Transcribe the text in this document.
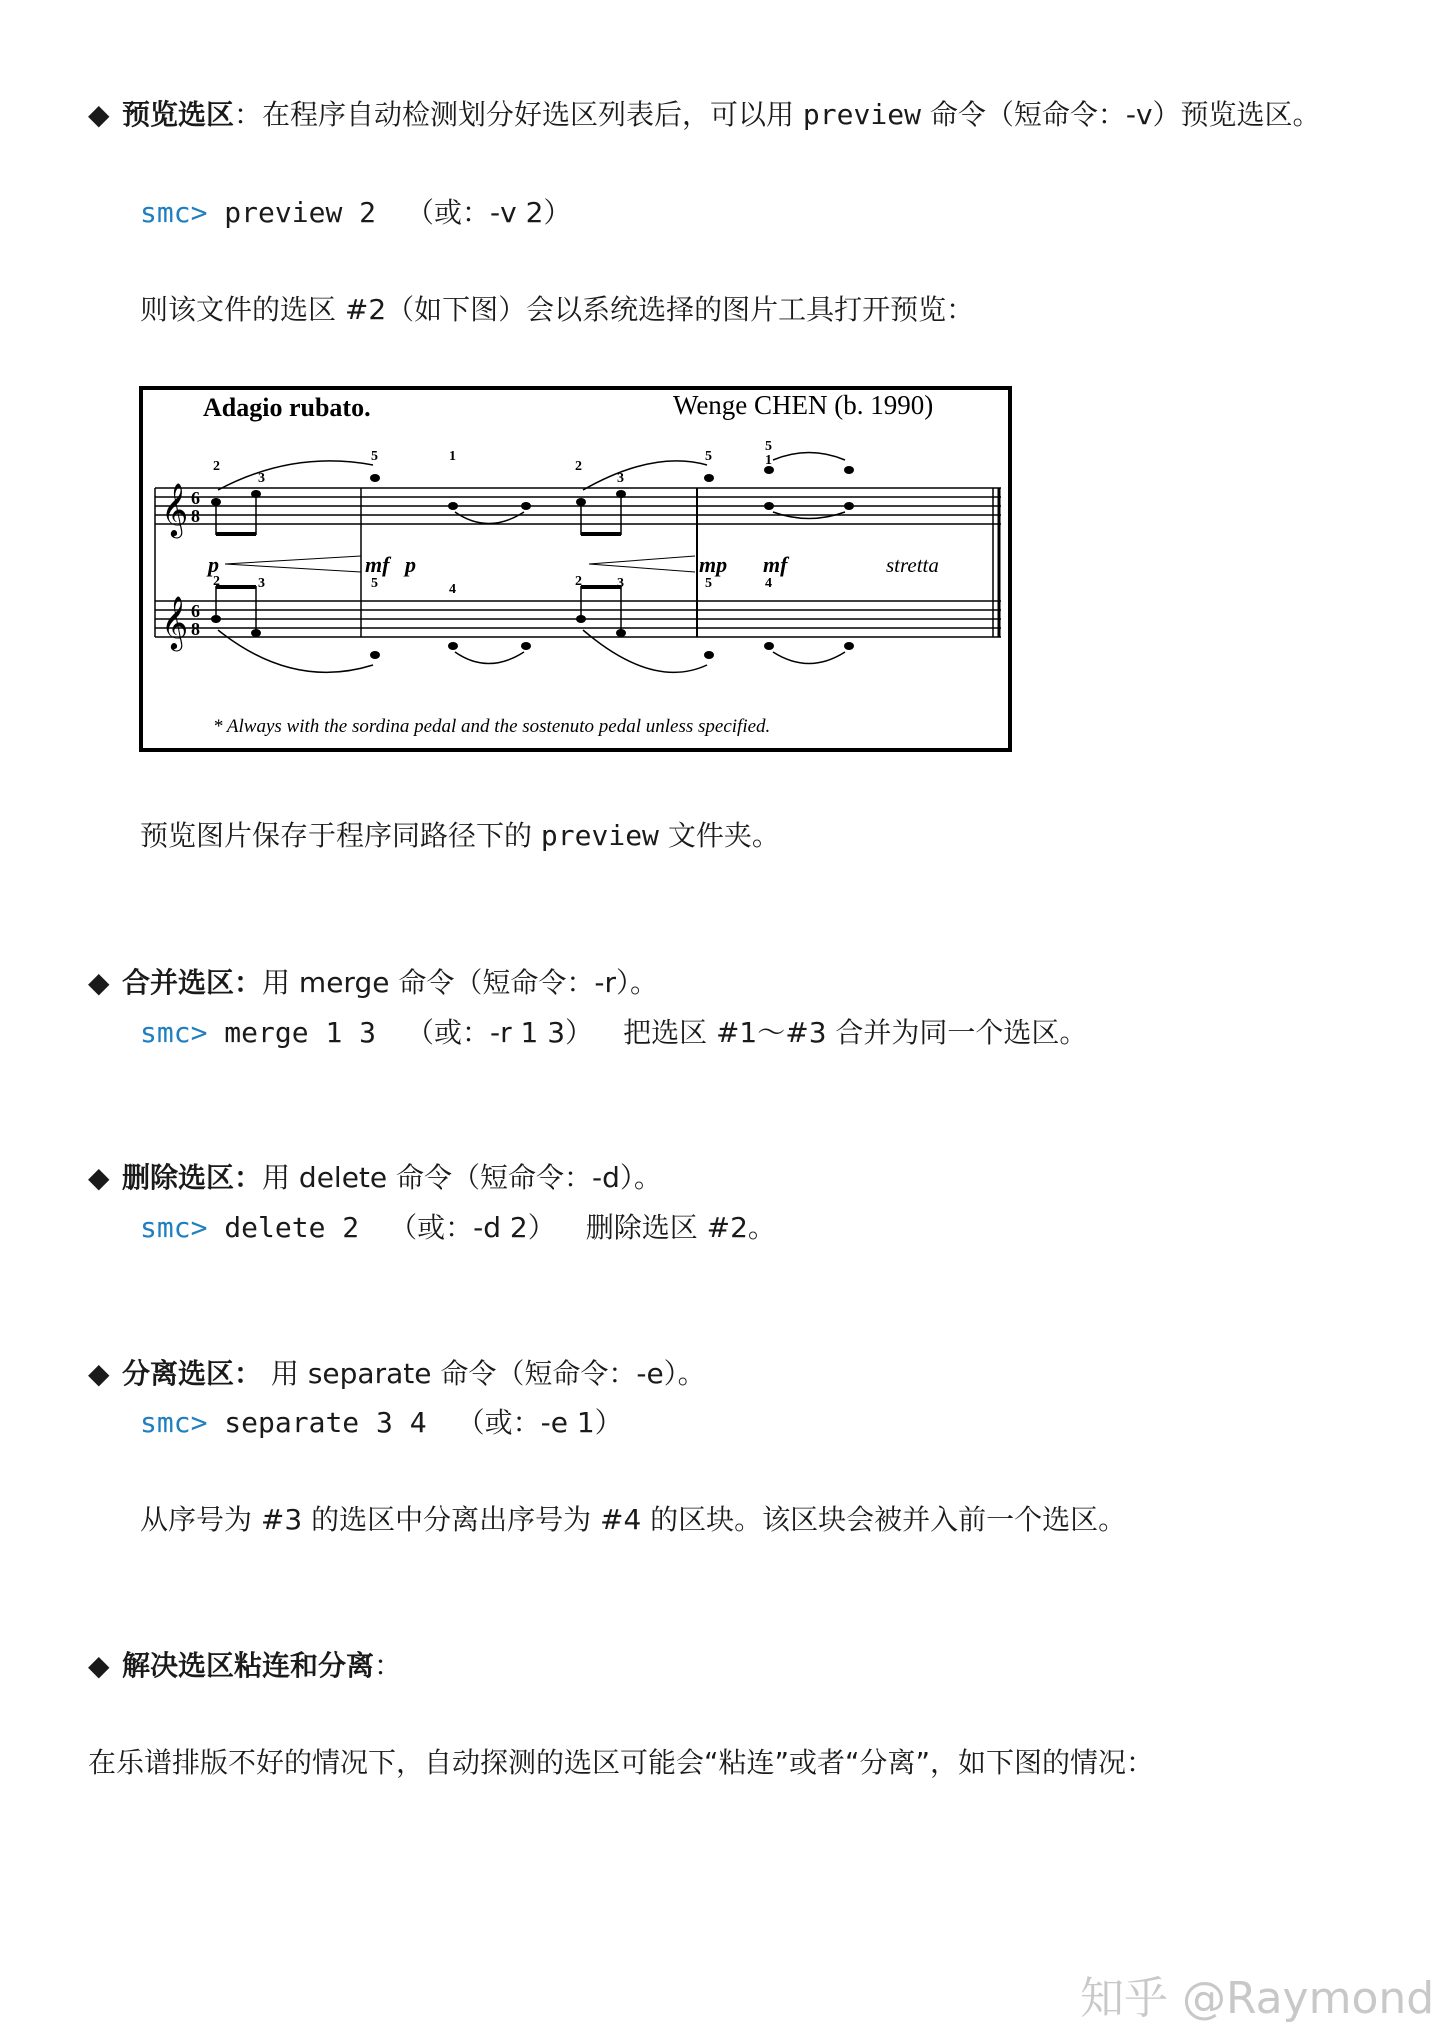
◆ 预览选区：在程序自动检测划分好选区列表后，可以用 preview 命令（短命令：-v）预览选区。
smc> preview 2 （或：-v 2）
则该文件的选区 #2（如下图）会以系统选择的图片工具打开预览：
Adagio rubato.	Wenge CHEN (b. 1990)
𝄞
𝄞
6
8
6
8
2
3
5	1
2
3
5
5
1
2	3	5	4
2	3	5	4
p	mf p	mp mf	stretta
* Always with the sordina pedal and the sostenuto pedal unless specified.
预览图片保存于程序同路径下的 preview 文件夹。
◆ 合并选区：用 merge 命令（短命令：-r）。
smc> merge 1 3 （或：-r 1 3） 把选区 #1～#3 合并为同一个选区。
◆ 删除选区：用 delete 命令（短命令：-d）。
smc> delete 2 （或：-d 2） 删除选区 #2。
◆ 分离选区： 用 separate 命令（短命令：-e）。
smc> separate 3 4 （或：-e 1）
从序号为 #3 的选区中分离出序号为 #4 的区块。该区块会被并入前一个选区。
◆ 解决选区粘连和分离：
在乐谱排版不好的情况下，自动探测的选区可能会“粘连”或者“分离”，如下图的情况：
知乎 @Raymond
